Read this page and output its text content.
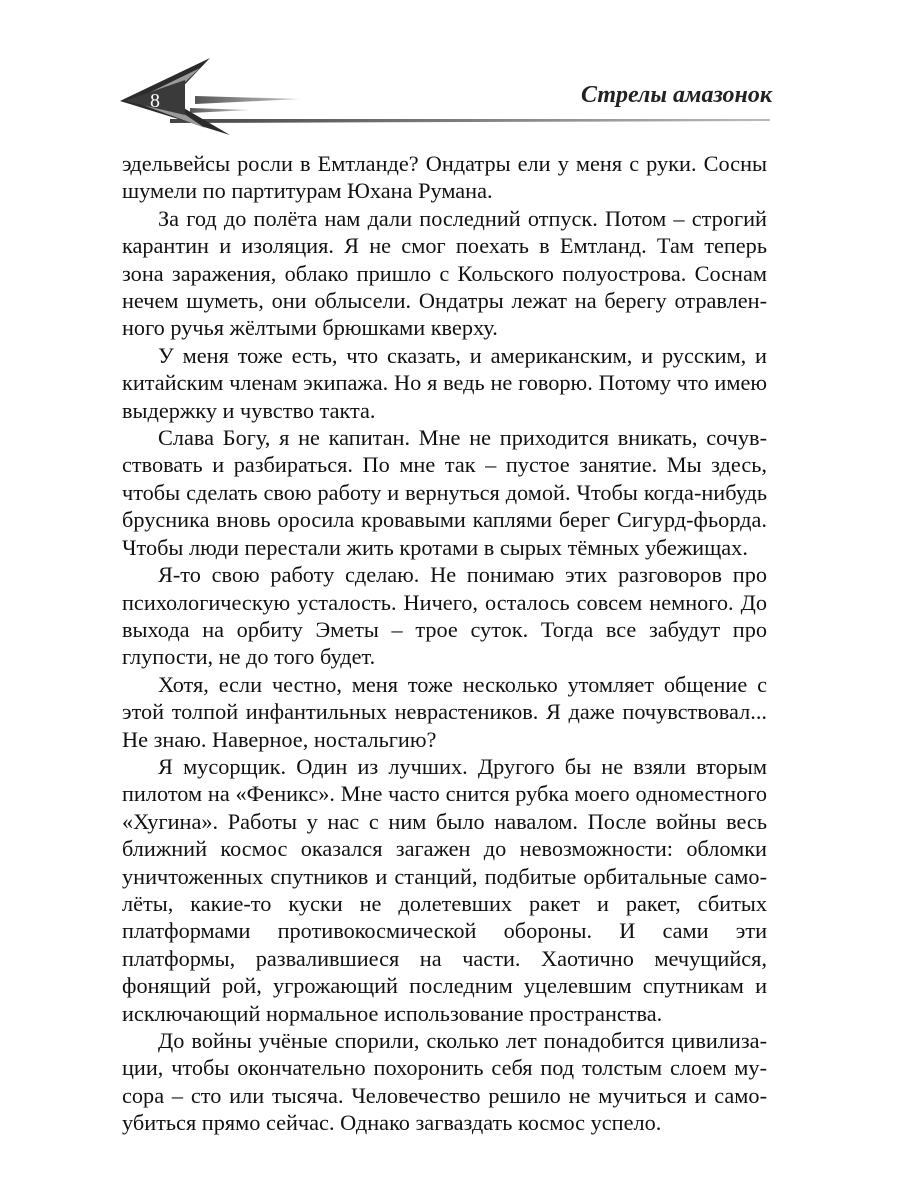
8	Стрелы амазонок

эдельвейсы росли в Емтланде? Ондатры ели у меня с руки. Сосны шумели по партитурам Юхана Румана.

За год до полёта нам дали последний отпуск. Потом – строгий карантин и изоляция. Я не смог поехать в Емтланд. Там теперь зона заражения, облако пришло с Кольского полуострова. Соснам нечем шуметь, они облысели. Ондатры лежат на берегу отравленного ручья жёлтыми брюшками кверху.

У меня тоже есть, что сказать, и американским, и русским, и китайским членам экипажа. Но я ведь не говорю. Потому что имею выдержку и чувство такта.

Слава Богу, я не капитан. Мне не приходится вникать, сочувствовать и разбираться. По мне так – пустое занятие. Мы здесь, чтобы сделать свою работу и вернуться домой. Чтобы когда-нибудь брусника вновь оросила кровавыми каплями берег Сигурд-фьорда. Чтобы люди перестали жить кротами в сырых тёмных убежищах.

Я-то свою работу сделаю. Не понимаю этих разговоров про психологическую усталость. Ничего, осталось совсем немного. До выхода на орбиту Эметы – трое суток. Тогда все забудут про глупости, не до того будет.

Хотя, если честно, меня тоже несколько утомляет общение с этой толпой инфантильных неврастеников. Я даже почувствовал... Не знаю. Наверное, ностальгию?

Я мусорщик. Один из лучших. Другого бы не взяли вторым пилотом на «Феникс». Мне часто снится рубка моего одноместного «Хугина». Работы у нас с ним было навалом. После войны весь ближний космос оказался загажен до невозможности: обломки уничтоженных спутников и станций, подбитые орбитальные самолёты, какие-то куски не долетевших ракет и ракет, сбитых платформами противокосмической обороны. И сами эти платформы, развалившиеся на части. Хаотично мечущийся, фонящий рой, угрожающий последним уцелевшим спутникам и исключающий нормальное использование пространства.

До войны учёные спорили, сколько лет понадобится цивилизации, чтобы окончательно похоронить себя под толстым слоем мусора – сто или тысяча. Человечество решило не мучиться и самоубиться прямо сейчас. Однако загваздать космос успело.
